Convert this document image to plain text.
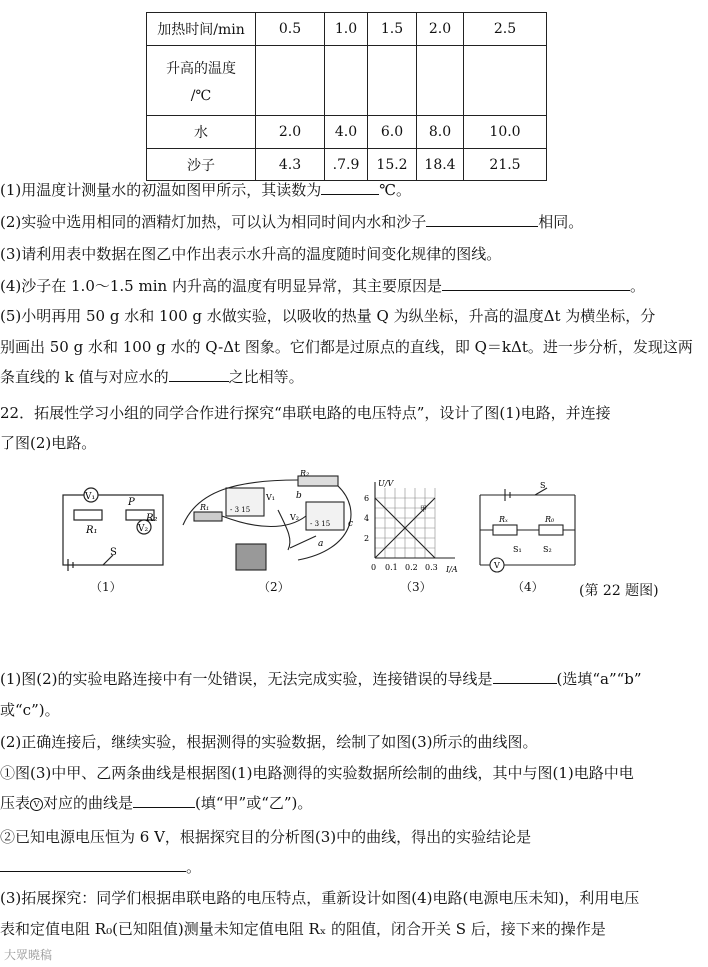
加热时间/min	0.5	1.0	1.5	2.0	2.5

升高的温度
/℃					

水	2.0	4.0	6.0	8.0	10.0
沙子	4.3	.7.9	15.2	18.4	21.5
(1)用温度计测量水的初温如图甲所示，其读数为	℃。
(2)实验中选用相同的酒精灯加热，可以认为相同时间内水和沙子	相同。
(3)请利用表中数据在图乙中作出表示水升高的温度随时间变化规律的图线。
(4)沙子在 1.0～1.5 min 内升高的温度有明显异常，其主要原因是	。
(5)小明再用 50 g 水和 100 g 水做实验，以吸收的热量 Q 为纵坐标，升高的温度Δt 为横坐标，分
别画出 50 g 水和 100 g 水的 Q-Δt 图象。它们都是过原点的直线，即 Q＝kΔt。进一步分析，发现这两
条直线的 k 值与对应水的	之比相等。
22．拓展性学习小组的同学合作进行探究“串联电路的电压特点”，设计了图(1)电路，并连接
了图(2)电路。
V₁
V₂
P
R₁
R₂
S
（1）
R₂
b
V₁
- 3 15
V₂
- 3 15
R₁
a
c
（2）
U/V
I/A
6
4
2
0 0.1 0.2 0.3
甲
（3）
S
Rₓ	R₀
S₁	S₂
V
（4）	(第 22 题图)
(1)图(2)的实验电路连接中有一处错误，无法完成实验，连接错误的导线是	(选填“a”“b”
或“c”)。
(2)正确连接后，继续实验，根据测得的实验数据，绘制了如图(3)所示的曲线图。
①图(3)中甲、乙两条曲线是根据图(1)电路测得的实验数据所绘制的曲线，其中与图(1)电路中电
压表 V 对应的曲线是	(填“甲”或“乙”)。
②已知电源电压恒为 6 V，根据探究目的分析图(3)中的曲线，得出的实验结论是
。
(3)拓展探究：同学们根据串联电路的电压特点，重新设计如图(4)电路(电源电压未知)，利用电压
表和定值电阻 R₀(已知阻值)测量未知定值电阻 Rₓ 的阻值，闭合开关 S 后，接下来的操作是
大眾曉稿
